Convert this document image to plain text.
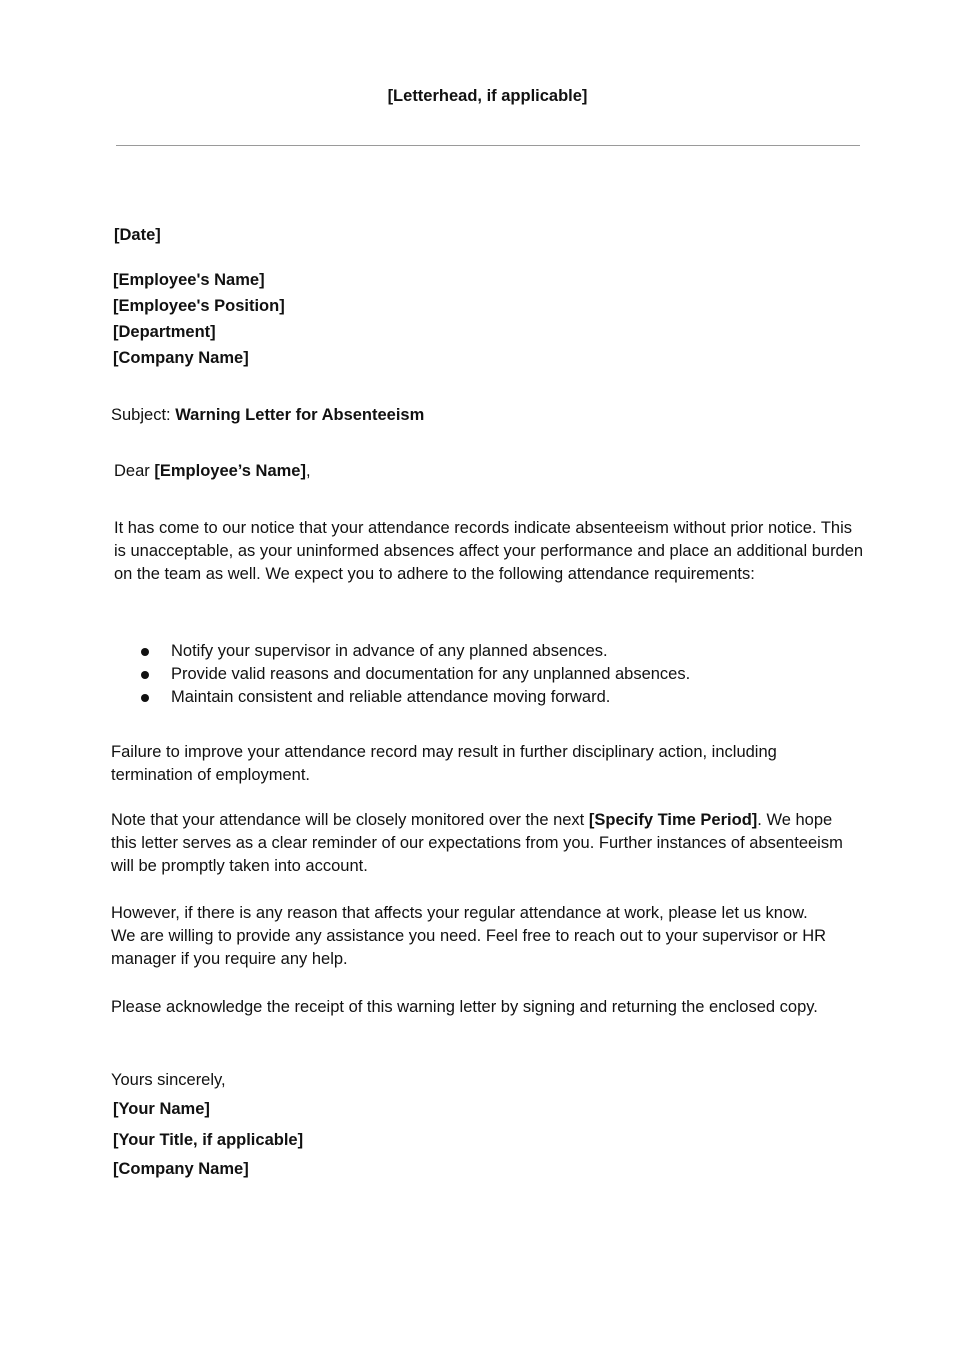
[Letterhead, if applicable]
[Date]
[Employee's Name]
[Employee's Position]
[Department]
[Company Name]
Subject: Warning Letter for Absenteeism
Dear [Employee’s Name],
It has come to our notice that your attendance records indicate absenteeism without prior notice. This is unacceptable, as your uninformed absences affect your performance and place an additional burden on the team as well. We expect you to adhere to the following attendance requirements:
Notify your supervisor in advance of any planned absences.
Provide valid reasons and documentation for any unplanned absences.
Maintain consistent and reliable attendance moving forward.
Failure to improve your attendance record may result in further disciplinary action, including termination of employment.
Note that your attendance will be closely monitored over the next [Specify Time Period]. We hope this letter serves as a clear reminder of our expectations from you. Further instances of absenteeism will be promptly taken into account.
However, if there is any reason that affects your regular attendance at work, please let us know. We are willing to provide any assistance you need. Feel free to reach out to your supervisor or HR manager if you require any help.
Please acknowledge the receipt of this warning letter by signing and returning the enclosed copy.
Yours sincerely,
[Your Name]
[Your Title, if applicable]
[Company Name]
